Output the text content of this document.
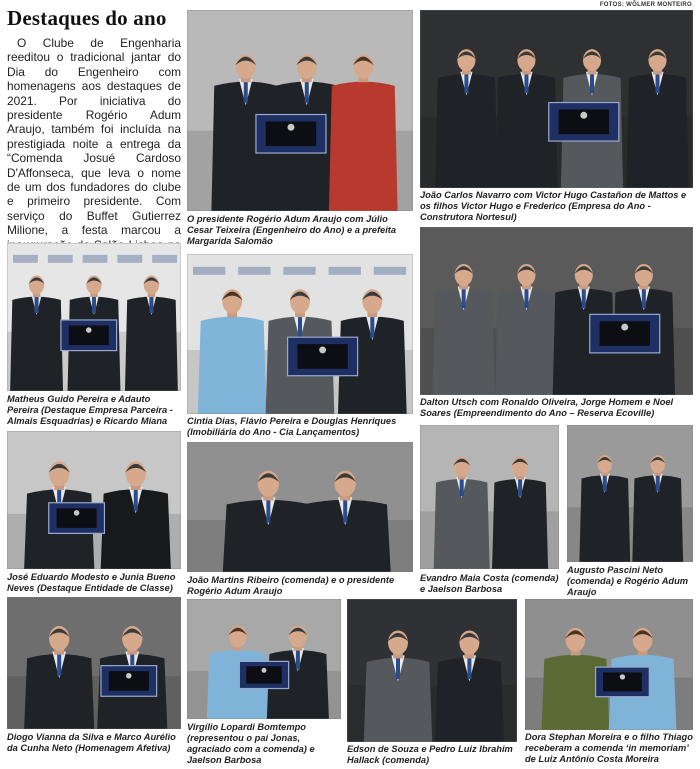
Destaques do ano
FOTOS: WÔLMER MONTEIRO
O Clube de Engenharia reeditou o tradicional jantar do Dia do Engenheiro com homenagens aos destaques de 2021. Por iniciativa do presidente Rogério Adum Araujo, também foi incluída na prestigiada noite a entrega da “Comenda Josué Cardoso D'Affonseca, que leva o nome de um dos fundadores do clube e primeiro presidente. Com serviço do Buffet Gutierrez Milione, a festa marcou a
O presidente Rogério Adum Araujo com Júlio Cesar Teixeira (Engenheiro do Ano) e a prefeita Margarida Salomão
João Carlos Navarro com Victor Hugo Castañon de Mattos e os filhos Victor Hugo e Frederico (Empresa do Ano - Construtora Nortesul)
Matheus Guido Pereira e Adauto Pereira (Destaque Empresa Parceira - Almais Esquadrias) e Ricardo Miana	Cintia Dias, Flávio Pereira e Douglas Henriques (Imobiliária do Ano - Cia Lançamentos)
Dalton Utsch com Ronaldo Oliveira, Jorge Homem e Noel Soares (Empreendimento do Ano – Reserva Ecoville)
José Eduardo Modesto e Junia Bueno Neves (Destaque Entidade de Classe)
João Martins Ribeiro (comenda) e o presidente Rogério Adum Araujo
Evandro Maia Costa (comenda) e Jaelson Barbosa
Augusto Pascini Neto (comenda) e Rogério Adum Araujo
Diogo Vianna da Silva e Marco Aurélio da Cunha Neto (Homenagem Afetiva)
Virgílio Lopardi Bomtempo (representou o pai Jonas, agraciado com a comenda) e Jaelson Barbosa
Edson de Souza e Pedro Luiz Ibrahim Hallack (comenda)
Dora Stephan Moreira e o filho Thiago receberam a comenda ‘in memoriam’ de Luiz Antônio Costa Moreira
